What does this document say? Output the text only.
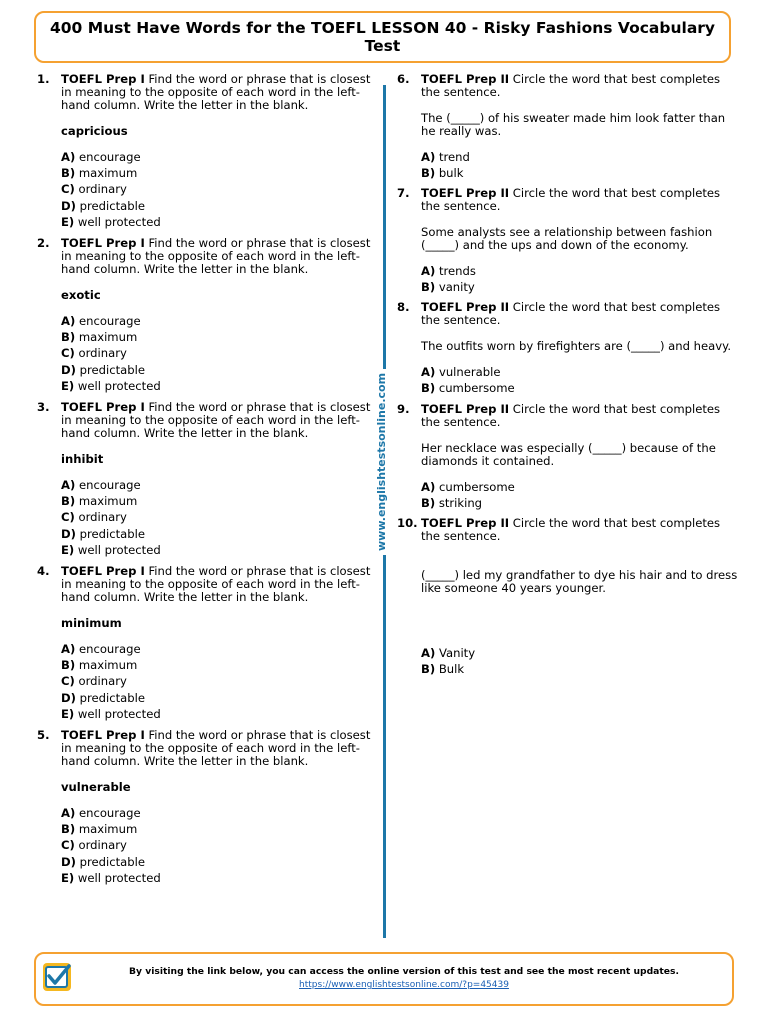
400 Must Have Words for the TOEFL LESSON 40 - Risky Fashions Vocabulary Test
www.englishtestsonline.com
1. TOEFL Prep I Find the word or phrase that is closest in meaning to the opposite of each word in the left-hand column. Write the letter in the blank.

capricious

A) encourage

B) maximum

C) ordinary

D) predictable

E) well protected

2. TOEFL Prep I Find the word or phrase that is closest in meaning to the opposite of each word in the left-hand column. Write the letter in the blank.

exotic

A) encourage

B) maximum

C) ordinary

D) predictable

E) well protected

3. TOEFL Prep I Find the word or phrase that is closest in meaning to the opposite of each word in the left-hand column. Write the letter in the blank.

inhibit

A) encourage

B) maximum

C) ordinary

D) predictable

E) well protected

4. TOEFL Prep I Find the word or phrase that is closest in meaning to the opposite of each word in the left-hand column. Write the letter in the blank.

minimum

A) encourage

B) maximum

C) ordinary

D) predictable

E) well protected

5. TOEFL Prep I Find the word or phrase that is closest in meaning to the opposite of each word in the left-hand column. Write the letter in the blank.

vulnerable

A) encourage

B) maximum

C) ordinary

D) predictable

E) well protected

6. TOEFL Prep II Circle the word that best completes the sentence.

The (_____) of his sweater made him look fatter than he really was.

A) trend

B) bulk

7. TOEFL Prep II Circle the word that best completes the sentence.

Some analysts see a relationship between fashion (_____) and the ups and down of the economy.

A) trends

B) vanity

8. TOEFL Prep II Circle the word that best completes the sentence.

The outfits worn by firefighters are (_____) and heavy.

A) vulnerable

B) cumbersome

9. TOEFL Prep II Circle the word that best completes the sentence.

Her necklace was especially (_____) because of the diamonds it contained.

A) cumbersome

B) striking

10. TOEFL Prep II Circle the word that best completes the sentence.

(_____) led my grandfather to dye his hair and to dress like someone 40 years younger.

A) Vanity

B) Bulk

By visiting the link below, you can access the online version of this test and see the most recent updates.
https://www.englishtestsonline.com/?p=45439
